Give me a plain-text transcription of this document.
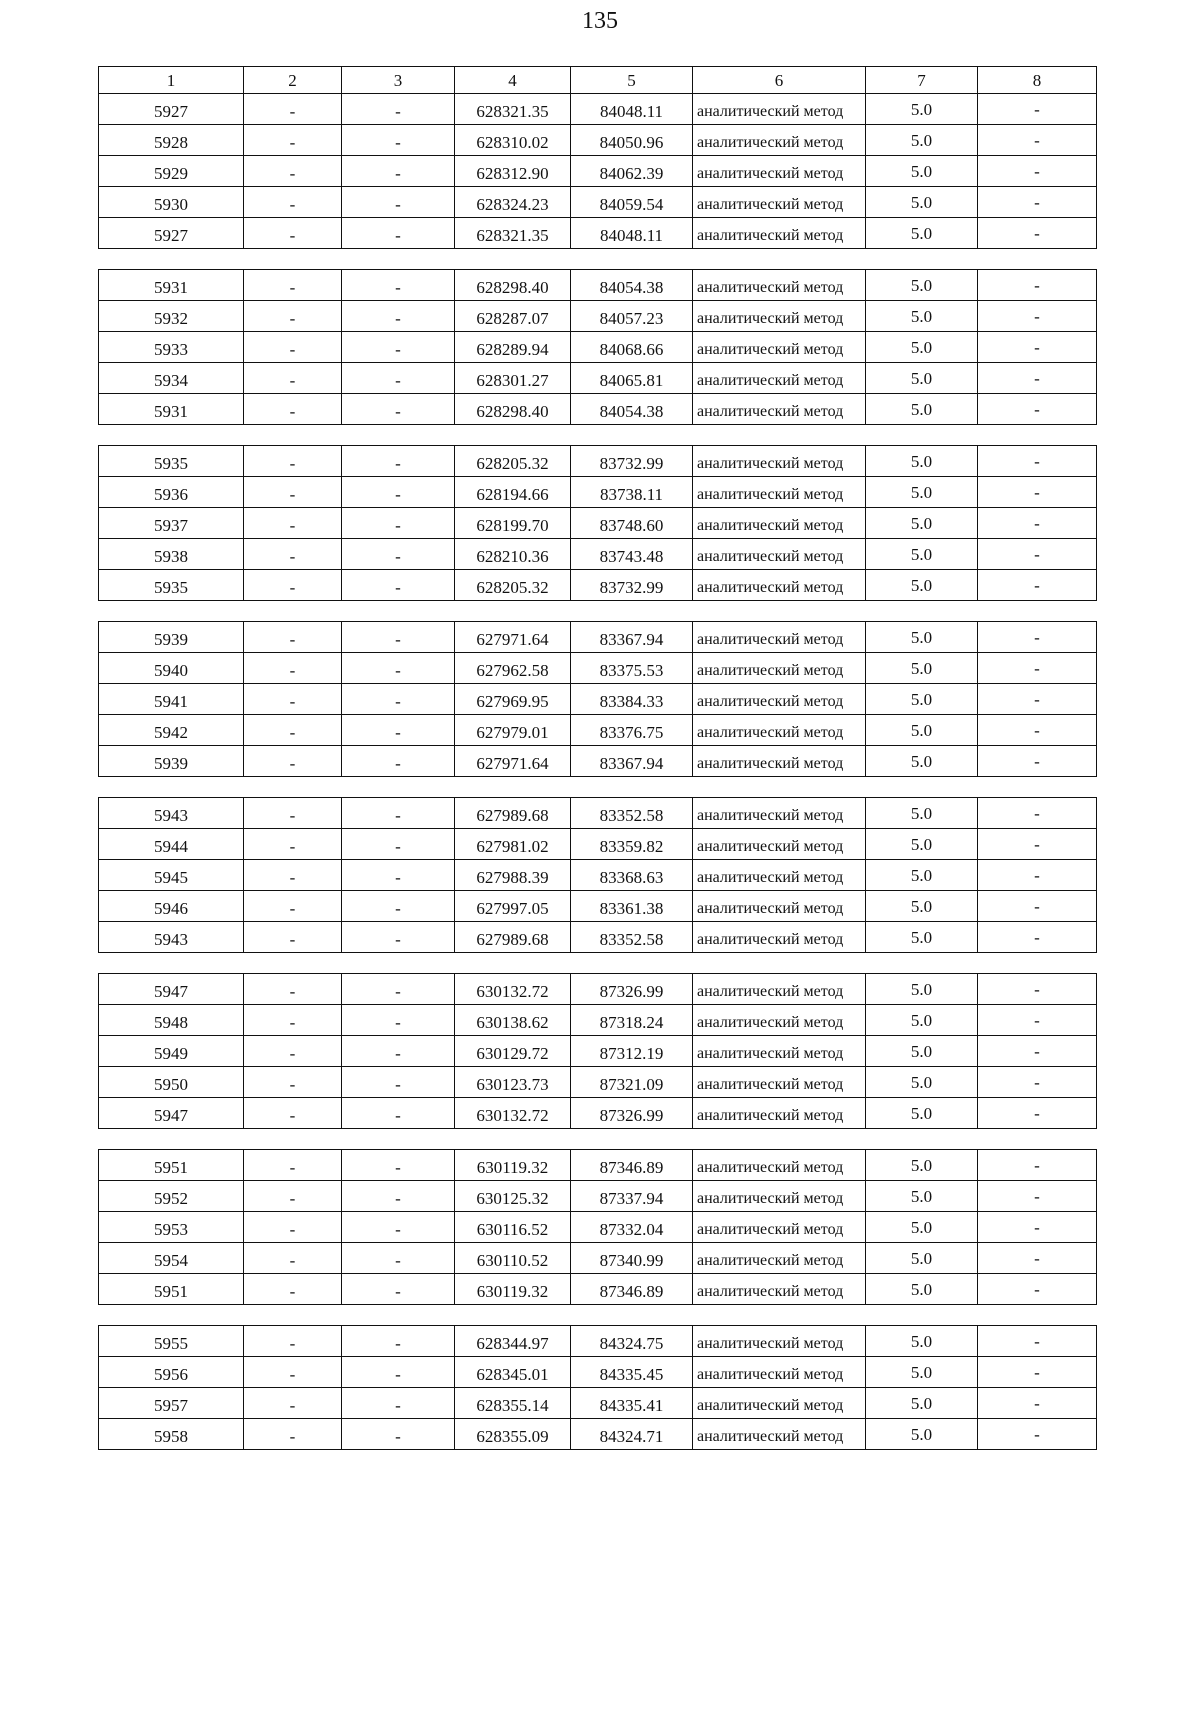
135
1	2	3	4	5	6	7	8
5927	-	-	628321.35	84048.11	аналитический метод	5.0	-
5928	-	-	628310.02	84050.96	аналитический метод	5.0	-
5929	-	-	628312.90	84062.39	аналитический метод	5.0	-
5930	-	-	628324.23	84059.54	аналитический метод	5.0	-
5927	-	-	628321.35	84048.11	аналитический метод	5.0	-
5931	-	-	628298.40	84054.38	аналитический метод	5.0	-
5932	-	-	628287.07	84057.23	аналитический метод	5.0	-
5933	-	-	628289.94	84068.66	аналитический метод	5.0	-
5934	-	-	628301.27	84065.81	аналитический метод	5.0	-
5931	-	-	628298.40	84054.38	аналитический метод	5.0	-
5935	-	-	628205.32	83732.99	аналитический метод	5.0	-
5936	-	-	628194.66	83738.11	аналитический метод	5.0	-
5937	-	-	628199.70	83748.60	аналитический метод	5.0	-
5938	-	-	628210.36	83743.48	аналитический метод	5.0	-
5935	-	-	628205.32	83732.99	аналитический метод	5.0	-
5939	-	-	627971.64	83367.94	аналитический метод	5.0	-
5940	-	-	627962.58	83375.53	аналитический метод	5.0	-
5941	-	-	627969.95	83384.33	аналитический метод	5.0	-
5942	-	-	627979.01	83376.75	аналитический метод	5.0	-
5939	-	-	627971.64	83367.94	аналитический метод	5.0	-
5943	-	-	627989.68	83352.58	аналитический метод	5.0	-
5944	-	-	627981.02	83359.82	аналитический метод	5.0	-
5945	-	-	627988.39	83368.63	аналитический метод	5.0	-
5946	-	-	627997.05	83361.38	аналитический метод	5.0	-
5943	-	-	627989.68	83352.58	аналитический метод	5.0	-
5947	-	-	630132.72	87326.99	аналитический метод	5.0	-
5948	-	-	630138.62	87318.24	аналитический метод	5.0	-
5949	-	-	630129.72	87312.19	аналитический метод	5.0	-
5950	-	-	630123.73	87321.09	аналитический метод	5.0	-
5947	-	-	630132.72	87326.99	аналитический метод	5.0	-
5951	-	-	630119.32	87346.89	аналитический метод	5.0	-
5952	-	-	630125.32	87337.94	аналитический метод	5.0	-
5953	-	-	630116.52	87332.04	аналитический метод	5.0	-
5954	-	-	630110.52	87340.99	аналитический метод	5.0	-
5951	-	-	630119.32	87346.89	аналитический метод	5.0	-
5955	-	-	628344.97	84324.75	аналитический метод	5.0	-
5956	-	-	628345.01	84335.45	аналитический метод	5.0	-
5957	-	-	628355.14	84335.41	аналитический метод	5.0	-
5958	-	-	628355.09	84324.71	аналитический метод	5.0	-
